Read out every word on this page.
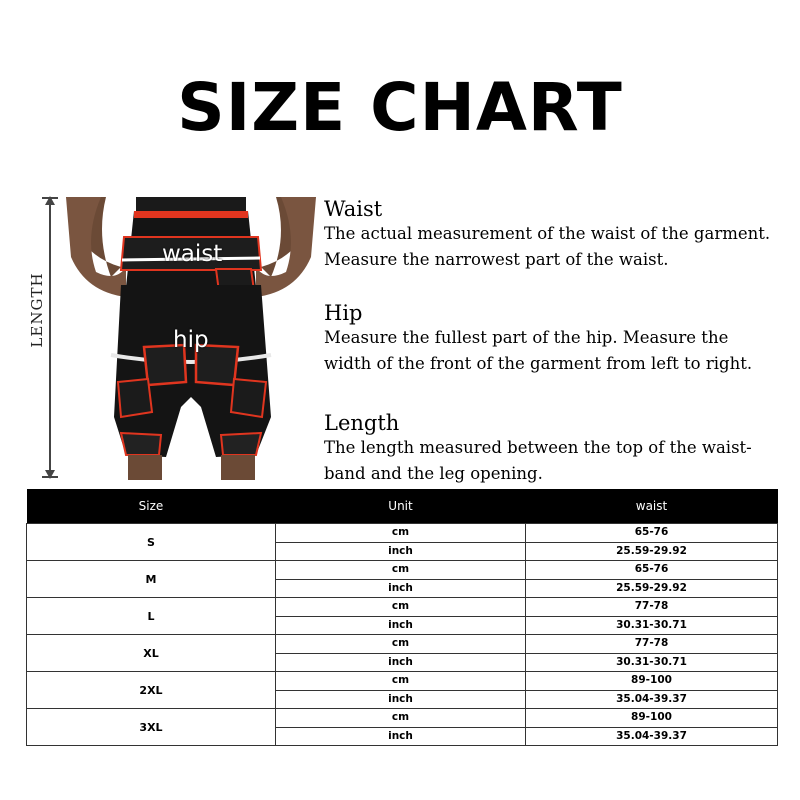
SIZE CHART
LENGTH
waist
hip
Waist

The actual measurement of the waist of the garment.

Measure the narrowest part of the waist.

Hip

Measure the fullest part of the hip. Measure the

width of the front of the garment from left to right.

Length

The length measured between the top of the waist-

band and the leg opening.

Size	Unit	waist
S	cm	65-76
	inch	25.59-29.92
M	cm	65-76
	inch	25.59-29.92
L	cm	77-78
	inch	30.31-30.71
XL	cm	77-78
	inch	30.31-30.71
2XL	cm	89-100
	inch	35.04-39.37
3XL	cm	89-100
	inch	35.04-39.37
